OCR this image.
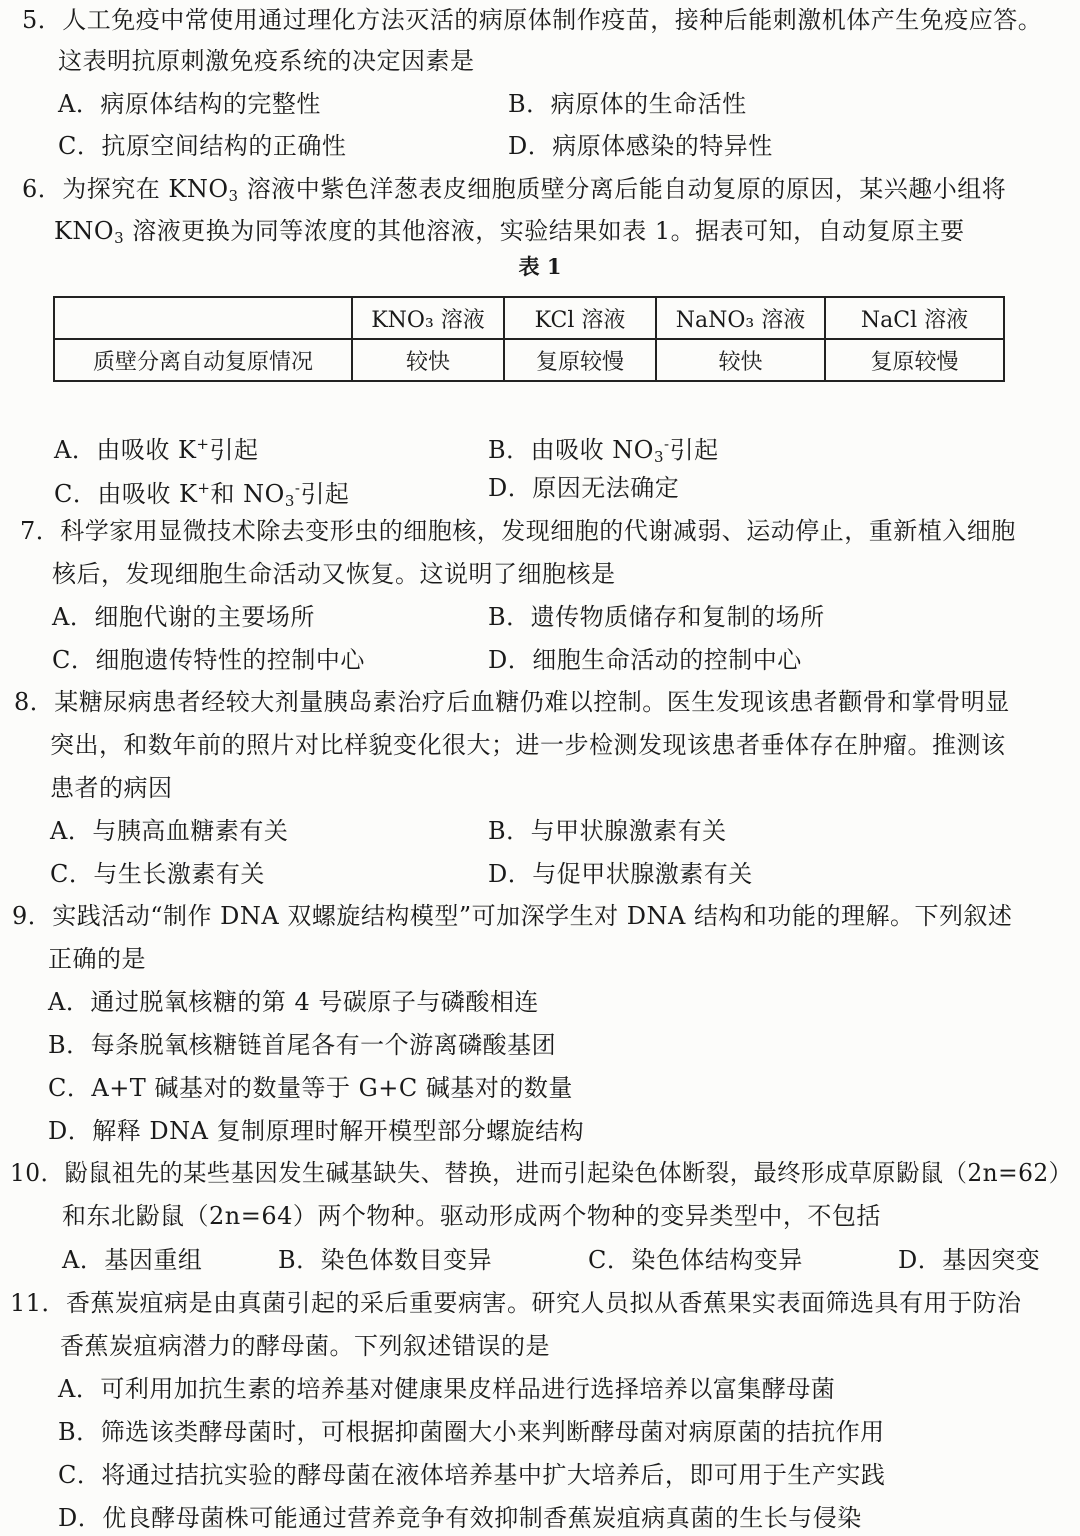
5．人工免疫中常使用通过理化方法灭活的病原体制作疫苗，接种后能刺激机体产生免疫应答。
这表明抗原刺激免疫系统的决定因素是
A．病原体结构的完整性	B．病原体的生命活性
C．抗原空间结构的正确性	D．病原体感染的特异性
6．为探究在 $KNO_3$ 溶液中紫色洋葱表皮细胞质壁分离后能自动复原的原因，某兴趣小组将
$KNO_3$ 溶液更换为同等浓度的其他溶液，实验结果如表 1。据表可知，自动复原主要
表 1
	KNO₃ 溶液	KCl 溶液	NaNO₃ 溶液	NaCl 溶液
质壁分离自动复原情况	较快	复原较慢	较快	复原较慢
A．由吸收 K+引起	B．由吸收 $NO_3^-$引起
C．由吸收 K+和 $NO_3^-$引起	D．原因无法确定
7．科学家用显微技术除去变形虫的细胞核，发现细胞的代谢减弱、运动停止，重新植入细胞
核后，发现细胞生命活动又恢复。这说明了细胞核是
A．细胞代谢的主要场所	B．遗传物质储存和复制的场所
C．细胞遗传特性的控制中心	D．细胞生命活动的控制中心
8．某糖尿病患者经较大剂量胰岛素治疗后血糖仍难以控制。医生发现该患者颧骨和掌骨明显
突出，和数年前的照片对比样貌变化很大；进一步检测发现该患者垂体存在肿瘤。推测该
患者的病因
A．与胰高血糖素有关	B．与甲状腺激素有关
C．与生长激素有关	D．与促甲状腺激素有关
9．实践活动“制作 DNA 双螺旋结构模型”可加深学生对 DNA 结构和功能的理解。下列叙述
正确的是
A．通过脱氧核糖的第 4 号碳原子与磷酸相连
B．每条脱氧核糖链首尾各有一个游离磷酸基团
C．A+T 碱基对的数量等于 G+C 碱基对的数量
D．解释 DNA 复制原理时解开模型部分螺旋结构
10．鼢鼠祖先的某些基因发生碱基缺失、替换，进而引起染色体断裂，最终形成草原鼢鼠（2n=62）
和东北鼢鼠（2n=64）两个物种。驱动形成两个物种的变异类型中，不包括
A．基因重组	B．染色体数目变异	C．染色体结构变异	D．基因突变
11．香蕉炭疽病是由真菌引起的采后重要病害。研究人员拟从香蕉果实表面筛选具有用于防治
香蕉炭疽病潜力的酵母菌。下列叙述错误的是
A．可利用加抗生素的培养基对健康果皮样品进行选择培养以富集酵母菌
B．筛选该类酵母菌时，可根据抑菌圈大小来判断酵母菌对病原菌的拮抗作用
C．将通过拮抗实验的酵母菌在液体培养基中扩大培养后，即可用于生产实践
D．优良酵母菌株可能通过营养竞争有效抑制香蕉炭疽病真菌的生长与侵染
